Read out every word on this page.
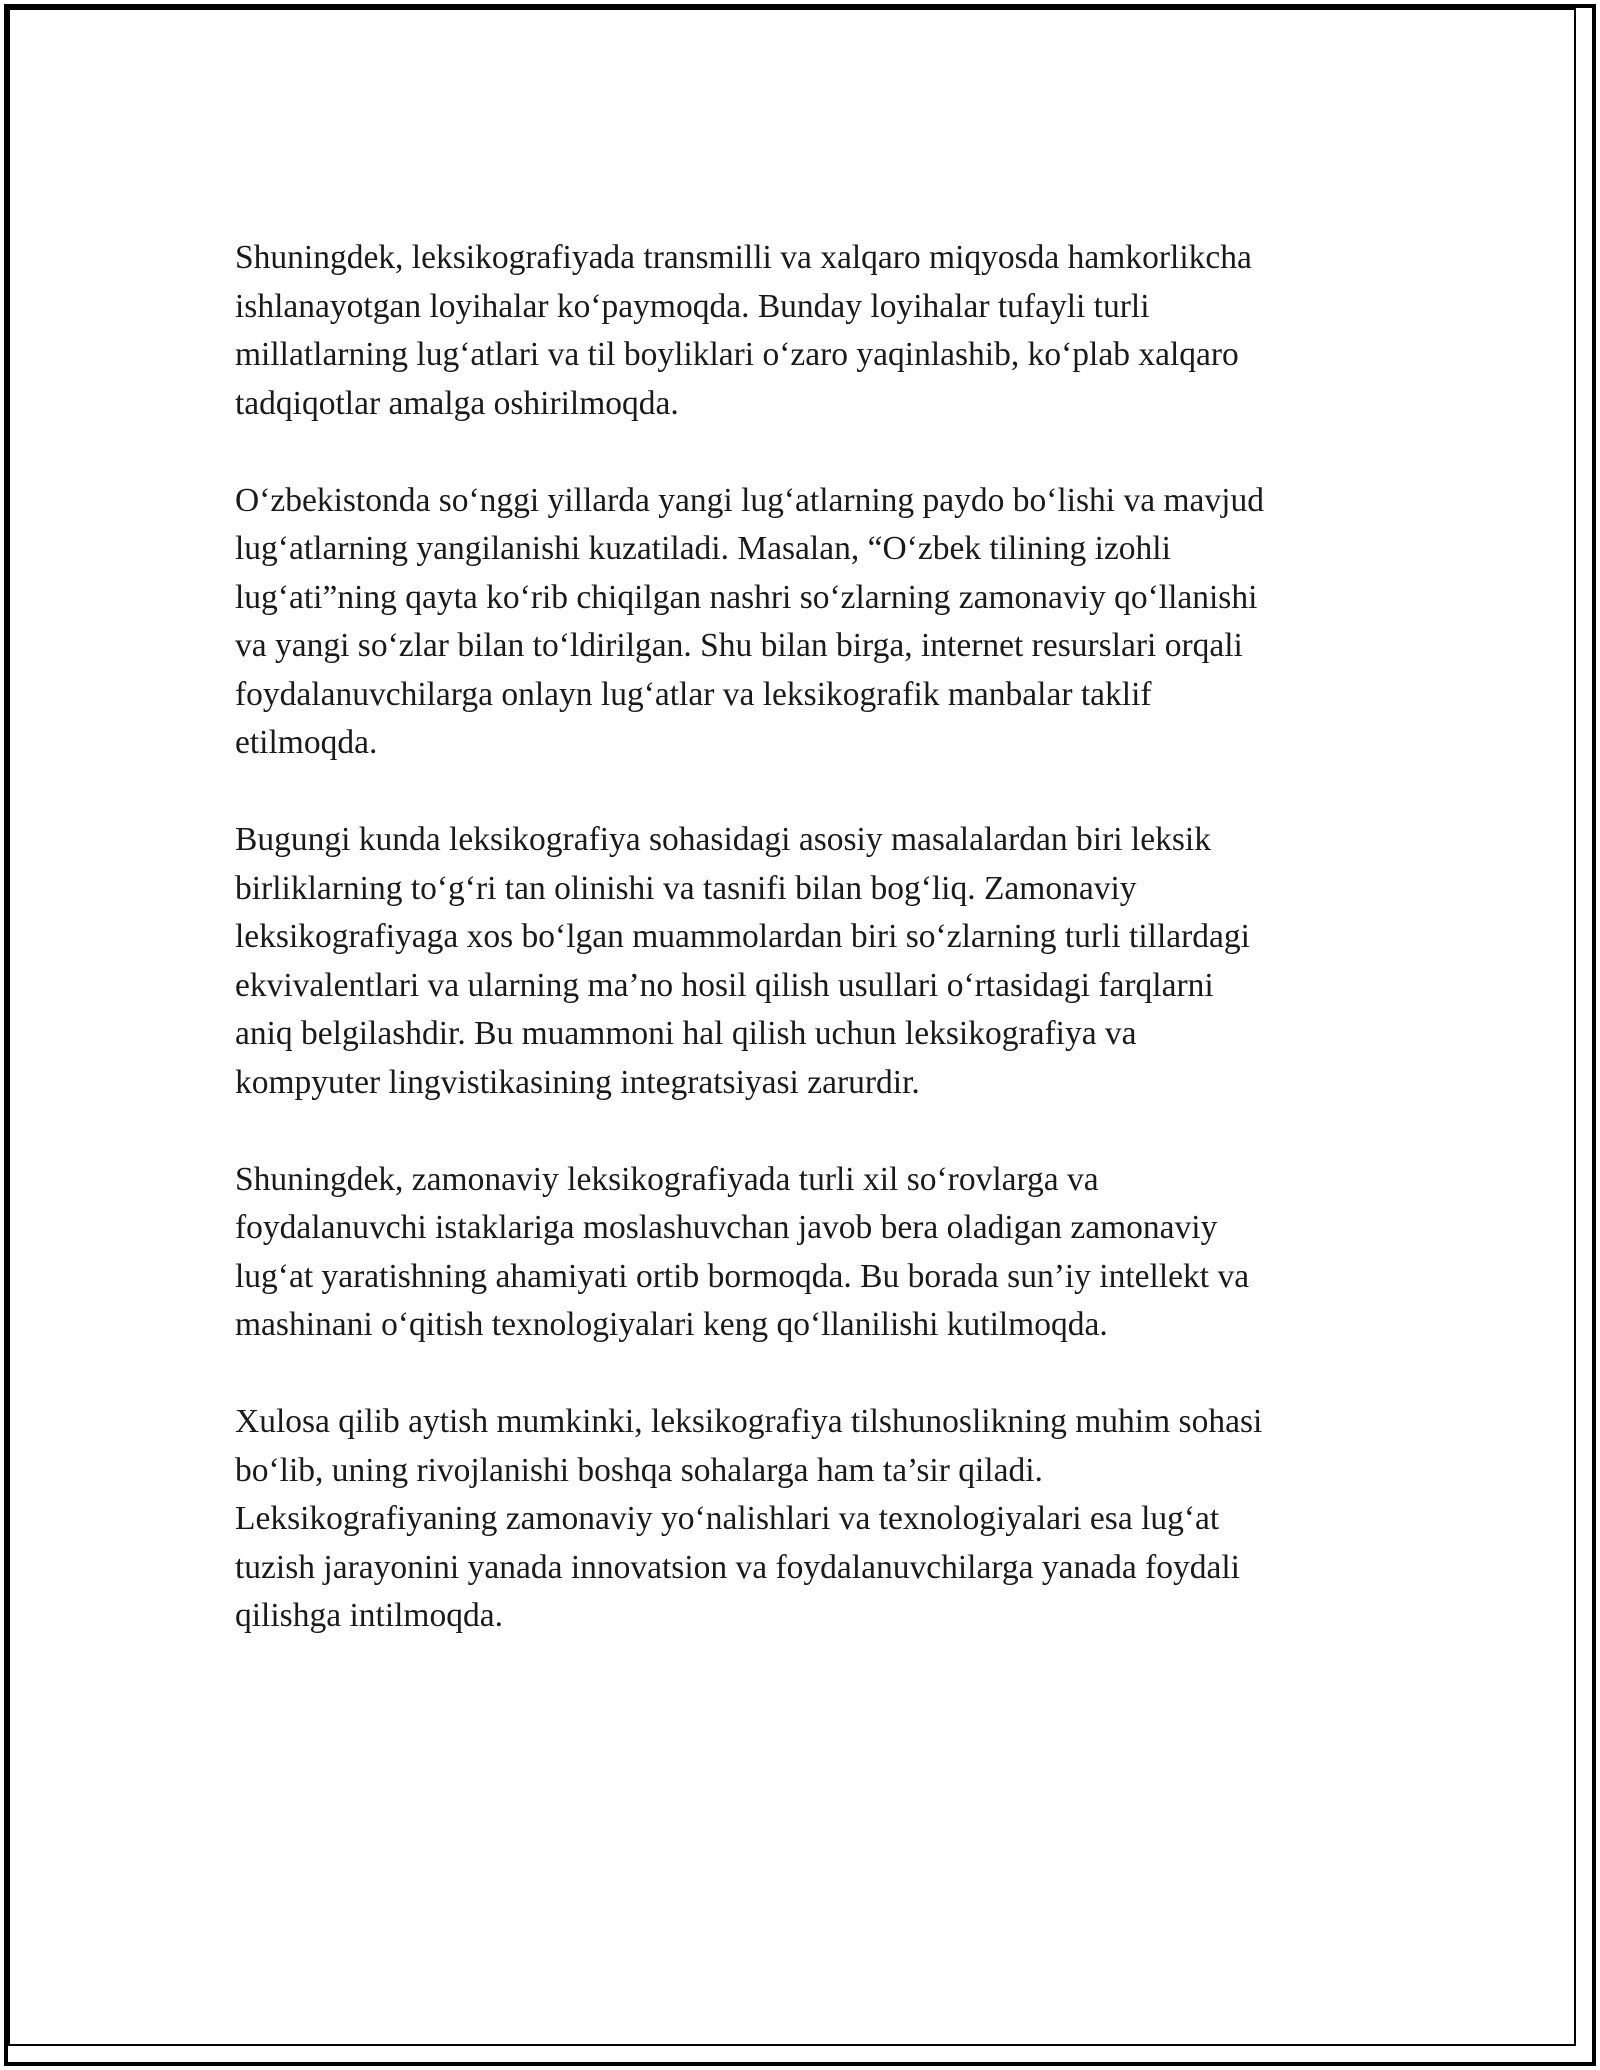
Shuningdek, leksikografiyada transmilli va xalqaro miqyosda hamkorlikcha
ishlanayotgan loyihalar ko‘paymoqda. Bunday loyihalar tufayli turli
millatlarning lug‘atlari va til boyliklari o‘zaro yaqinlashib, ko‘plab xalqaro
tadqiqotlar amalga oshirilmoqda.

O‘zbekistonda so‘nggi yillarda yangi lug‘atlarning paydo bo‘lishi va mavjud
lug‘atlarning yangilanishi kuzatiladi. Masalan, “O‘zbek tilining izohli
lug‘ati”ning qayta ko‘rib chiqilgan nashri so‘zlarning zamonaviy qo‘llanishi
va yangi so‘zlar bilan to‘ldirilgan. Shu bilan birga, internet resurslari orqali
foydalanuvchilarga onlayn lug‘atlar va leksikografik manbalar taklif
etilmoqda.

Bugungi kunda leksikografiya sohasidagi asosiy masalalardan biri leksik
birliklarning to‘g‘ri tan olinishi va tasnifi bilan bog‘liq. Zamonaviy
leksikografiyaga xos bo‘lgan muammolardan biri so‘zlarning turli tillardagi
ekvivalentlari va ularning ma’no hosil qilish usullari o‘rtasidagi farqlarni
aniq belgilashdir. Bu muammoni hal qilish uchun leksikografiya va
kompyuter lingvistikasining integratsiyasi zarurdir.

Shuningdek, zamonaviy leksikografiyada turli xil so‘rovlarga va
foydalanuvchi istaklariga moslashuvchan javob bera oladigan zamonaviy
lug‘at yaratishning ahamiyati ortib bormoqda. Bu borada sun’iy intellekt va
mashinani o‘qitish texnologiyalari keng qo‘llanilishi kutilmoqda.

Xulosa qilib aytish mumkinki, leksikografiya tilshunoslikning muhim sohasi
bo‘lib, uning rivojlanishi boshqa sohalarga ham ta’sir qiladi.
Leksikografiyaning zamonaviy yo‘nalishlari va texnologiyalari esa lug‘at
tuzish jarayonini yanada innovatsion va foydalanuvchilarga yanada foydali
qilishga intilmoqda.
